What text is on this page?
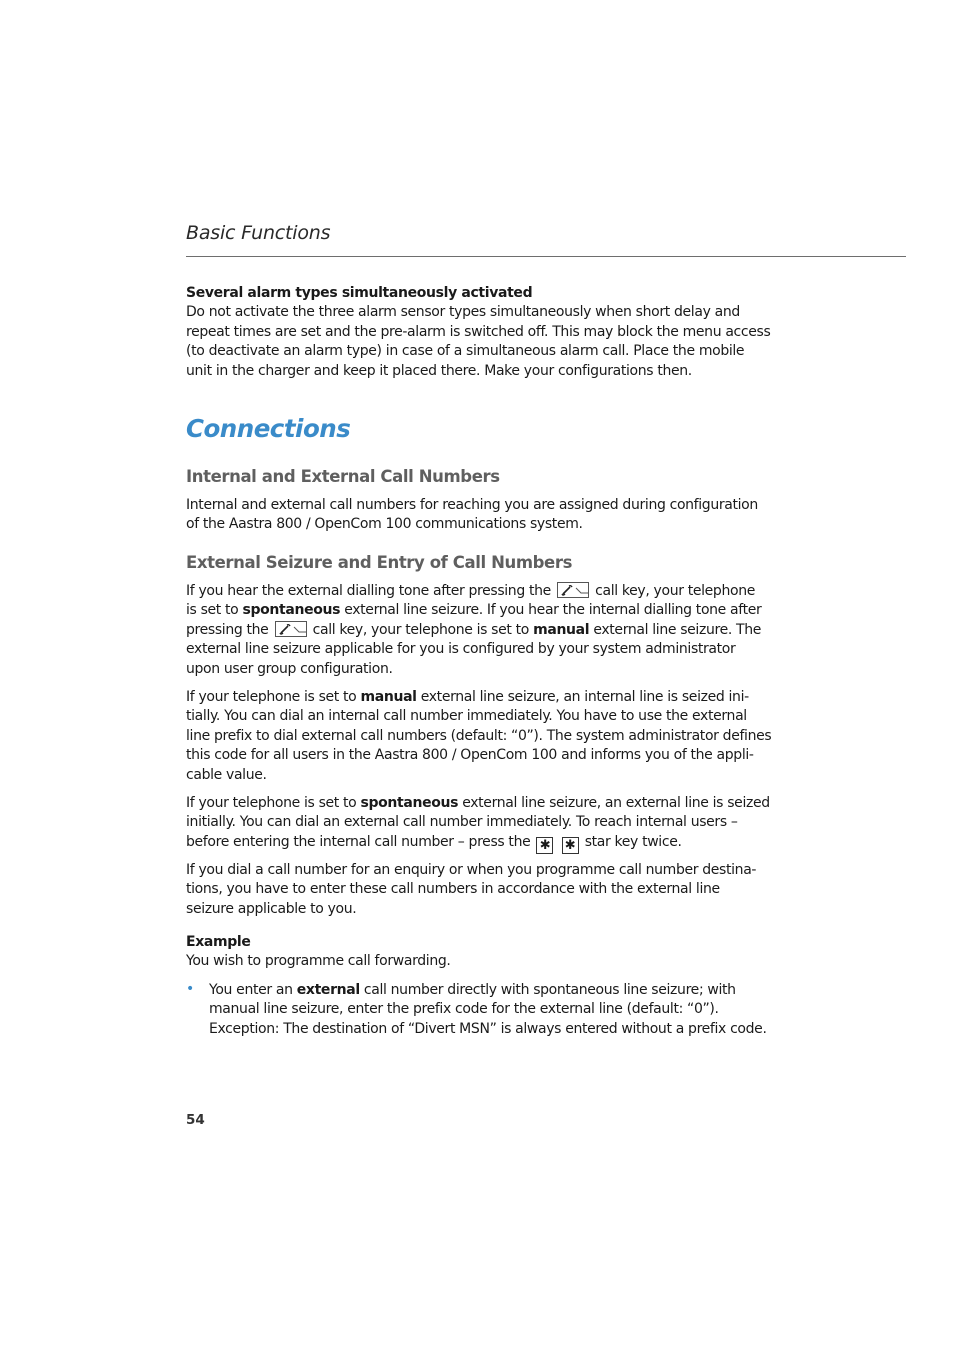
Basic Functions
Several alarm types simultaneously activated
Do not activate the three alarm sensor types simultaneously when short delay and
repeat times are set and the pre-alarm is switched off. This may block the menu access
(to deactivate an alarm type) in case of a simultaneous alarm call. Place the mobile
unit in the charger and keep it placed there. Make your configurations then.
Connections
Internal and External Call Numbers
Internal and external call numbers for reaching you are assigned during configuration
of the Aastra 800 / OpenCom 100 communications system.
External Seizure and Entry of Call Numbers
If you hear the external dialling tone after pressing the	call key, your telephone
is set to spontaneous external line seizure. If you hear the internal dialling tone after
pressing the	call key, your telephone is set to manual external line seizure. The
external line seizure applicable for you is configured by your system administrator
upon user group configuration.
If your telephone is set to manual external line seizure, an internal line is seized ini-
tially. You can dial an internal call number immediately. You have to use the external
line prefix to dial external call numbers (default: “0”). The system administrator defines
this code for all users in the Aastra 800 / OpenCom 100 and informs you of the appli-
cable value.
If your telephone is set to spontaneous external line seizure, an external line is seized
initially. You can dial an external call number immediately. To reach internal users –
before entering the internal call number – press the ✱ ✱ star key twice.
If you dial a call number for an enquiry or when you programme call number destina-
tions, you have to enter these call numbers in accordance with the external line
seizure applicable to you.
Example
You wish to programme call forwarding.
• You enter an external call number directly with spontaneous line seizure; with
manual line seizure, enter the prefix code for the external line (default: “0”).
Exception: The destination of “Divert MSN” is always entered without a prefix code.
54
